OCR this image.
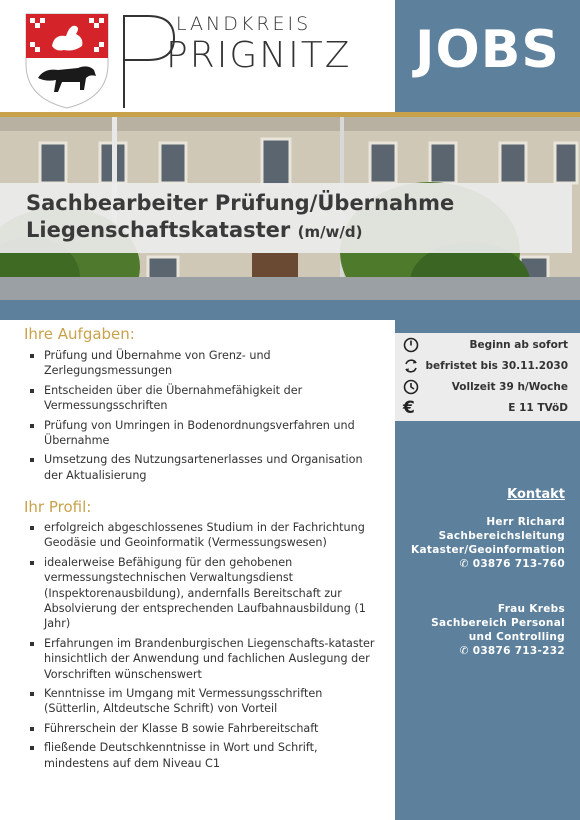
LANDKREIS
PRIGNITZ	JOBS
Sachbearbeiter Prüfung/Übernahme
Liegenschaftskataster (m/w/d)
Ihre Aufgaben:
Prüfung und Übernahme von Grenz- und Zerlegungsmessungen
Entscheiden über die Übernahmefähigkeit der Vermessungsschriften
Prüfung von Umringen in Bodenordnungsverfahren und Übernahme
Umsetzung des Nutzungsartenerlasses und Organisation der Aktualisierung
Ihr Profil:
erfolgreich abgeschlossenes Studium in der Fachrichtung Geodäsie und Geoinformatik (Vermessungswesen)
idealerweise Befähigung für den gehobenen vermessungstechnischen Verwaltungsdienst (Inspektorenausbildung), andernfalls Bereitschaft zur Absolvierung der entsprechenden Laufbahnausbildung (1 Jahr)
Erfahrungen im Brandenburgischen Liegenschafts-kataster hinsichtlich der Anwendung und fachlichen Auslegung der Vorschriften wünschenswert
Kenntnisse im Umgang mit Vermessungsschriften (Sütterlin, Altdeutsche Schrift) von Vorteil
Führerschein der Klasse B sowie Fahrbereitschaft
fließende Deutschkenntnisse in Wort und Schrift, mindestens auf dem Niveau C1
Beginn ab sofort
befristet bis 30.11.2030
Vollzeit 39 h/Woche
€	E 11 TVöD
Kontakt
Herr Richard
Sachbereichsleitung
Kataster/Geoinformation
✆ 03876 713-760
Frau Krebs
Sachbereich Personal
und Controlling
✆ 03876 713-232
